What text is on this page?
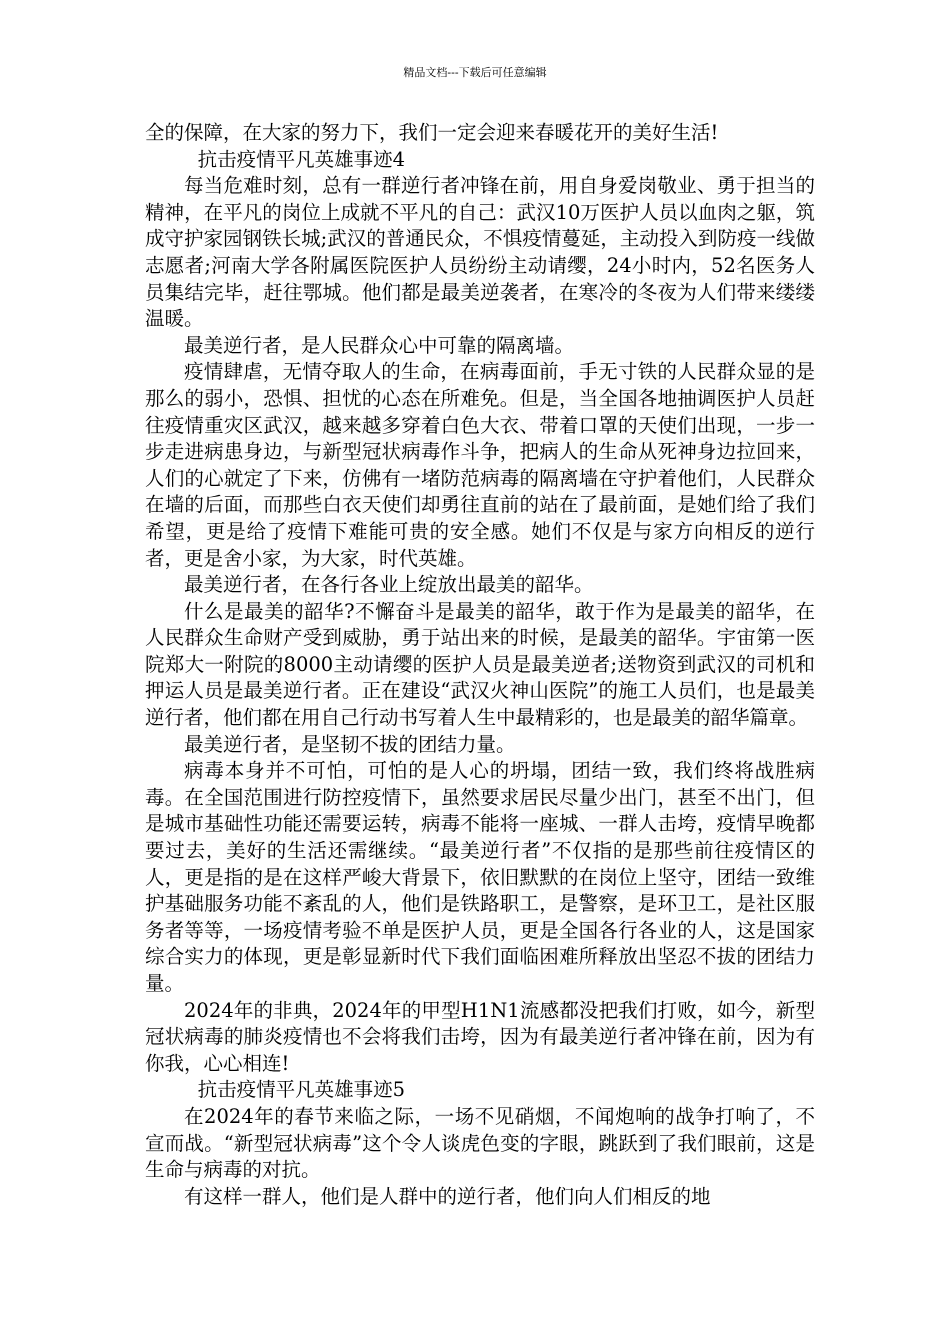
精品文档---下载后可任意编辑

全的保障，在大家的努力下，我们一定会迎来春暖花开的美好生活!

抗击疫情平凡英雄事迹4

每当危难时刻，总有一群逆行者冲锋在前，用自身爱岗敬业、勇于担当的精神，在平凡的岗位上成就不平凡的自己：武汉10万医护人员以血肉之躯，筑成守护家园钢铁长城;武汉的普通民众，不惧疫情蔓延，主动投入到防疫一线做志愿者;河南大学各附属医院医护人员纷纷主动请缨，24小时内，52名医务人员集结完毕，赶往鄂城。他们都是最美逆袭者，在寒冷的冬夜为人们带来缕缕温暖。

最美逆行者，是人民群众心中可靠的隔离墙。

疫情肆虐，无情夺取人的生命，在病毒面前，手无寸铁的人民群众显的是那么的弱小，恐惧、担忧的心态在所难免。但是，当全国各地抽调医护人员赶往疫情重灾区武汉，越来越多穿着白色大衣、带着口罩的天使们出现，一步一步走进病患身边，与新型冠状病毒作斗争，把病人的生命从死神身边拉回来，人们的心就定了下来，仿佛有一堵防范病毒的隔离墙在守护着他们，人民群众在墙的后面，而那些白衣天使们却勇往直前的站在了最前面，是她们给了我们希望，更是给了疫情下难能可贵的安全感。她们不仅是与家方向相反的逆行者，更是舍小家，为大家，时代英雄。

最美逆行者，在各行各业上绽放出最美的韶华。

什么是最美的韶华?不懈奋斗是最美的韶华，敢于作为是最美的韶华，在人民群众生命财产受到威胁，勇于站出来的时候，是最美的韶华。宇宙第一医院郑大一附院的8000主动请缨的医护人员是最美逆者;送物资到武汉的司机和押运人员是最美逆行者。正在建设“武汉火神山医院”的施工人员们，也是最美逆行者，他们都在用自己行动书写着人生中最精彩的，也是最美的韶华篇章。

最美逆行者，是坚韧不拔的团结力量。

病毒本身并不可怕，可怕的是人心的坍塌，团结一致，我们终将战胜病毒。在全国范围进行防控疫情下，虽然要求居民尽量少出门，甚至不出门，但是城市基础性功能还需要运转，病毒不能将一座城、一群人击垮，疫情早晚都要过去，美好的生活还需继续。“最美逆行者”不仅指的是那些前往疫情区的人，更是指的是在这样严峻大背景下，依旧默默的在岗位上坚守，团结一致维护基础服务功能不紊乱的人，他们是铁路职工，是警察，是环卫工，是社区服务者等等，一场疫情考验不单是医护人员，更是全国各行各业的人，这是国家综合实力的体现，更是彰显新时代下我们面临困难所释放出坚忍不拔的团结力量。

2024年的非典，2024年的甲型H1N1流感都没把我们打败，如今，新型冠状病毒的肺炎疫情也不会将我们击垮，因为有最美逆行者冲锋在前，因为有你我，心心相连!

抗击疫情平凡英雄事迹5

在2024年的春节来临之际，一场不见硝烟，不闻炮响的战争打响了，不宣而战。“新型冠状病毒”这个令人谈虎色变的字眼，跳跃到了我们眼前，这是生命与病毒的对抗。

有这样一群人，他们是人群中的逆行者，他们向人们相反的地
